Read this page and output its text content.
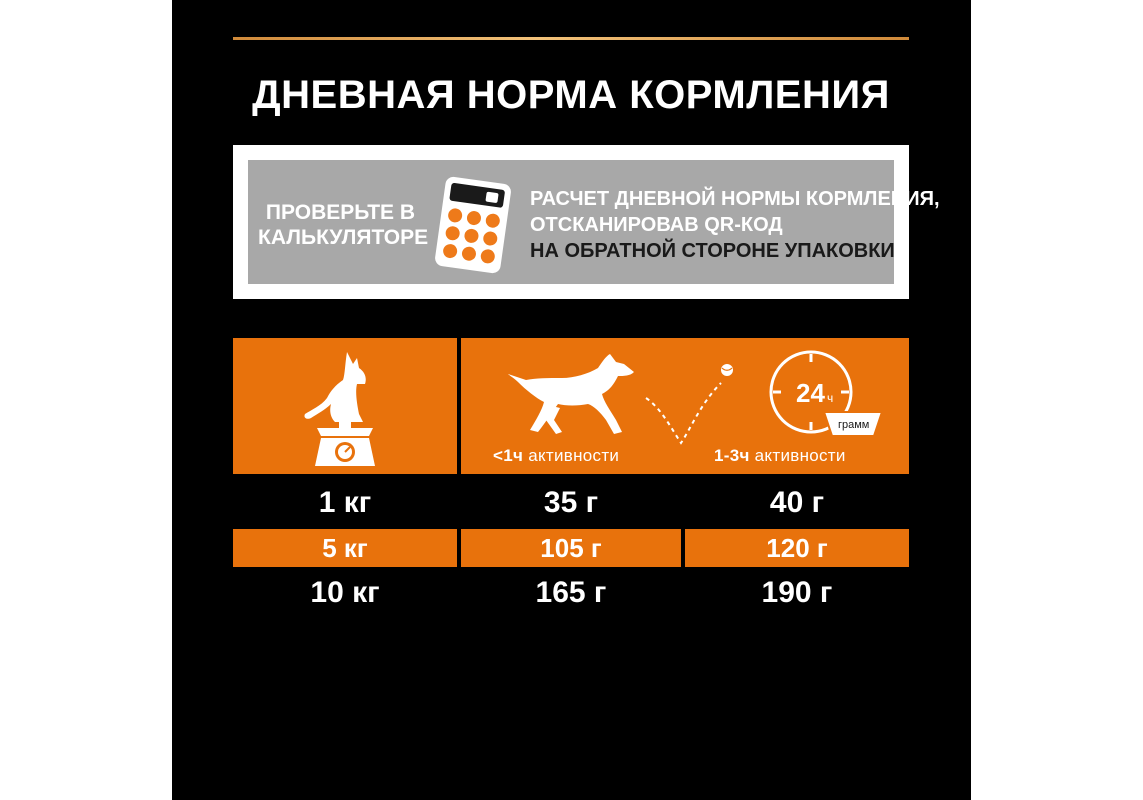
ДНЕВНАЯ НОРМА КОРМЛЕНИЯ
ПРОВЕРЬТЕ В
КАЛЬКУЛЯТОРЕ
РАСЧЕТ ДНЕВНОЙ НОРМЫ КОРМЛЕНИЯ,
ОТСКАНИРОВАВ QR-КОД
НА ОБРАТНОЙ СТОРОНЕ УПАКОВКИ
24 ч
грамм
<1ч активности	1-3ч активности
1 кг	35 г	40 г
5 кг	105 г	120 г
10 кг	165 г	190 г
